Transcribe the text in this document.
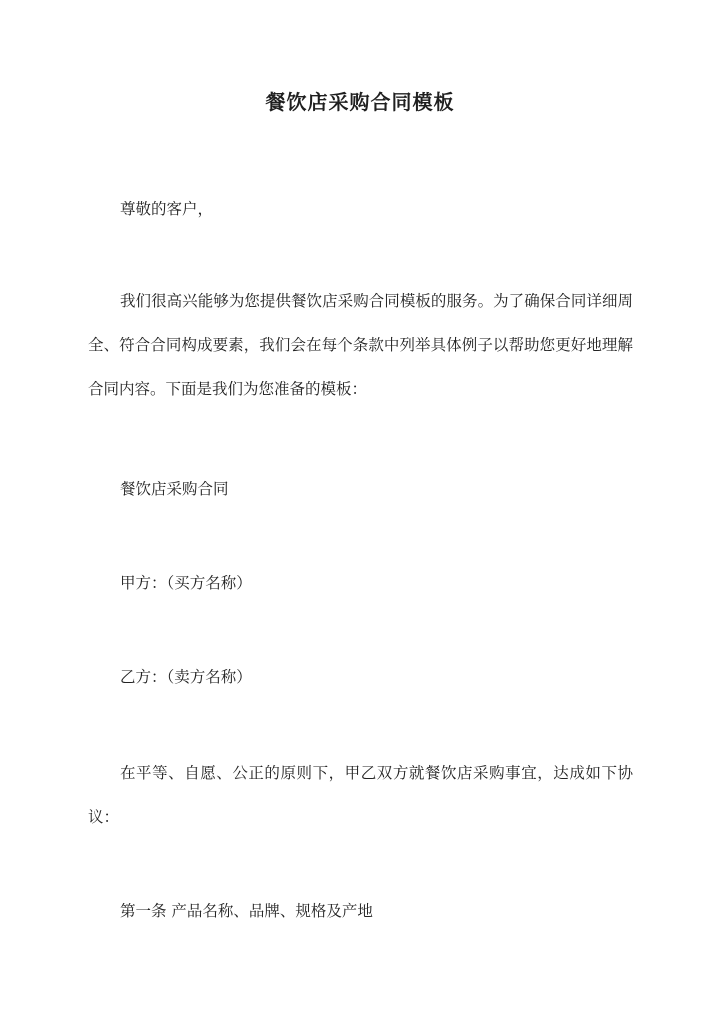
餐饮店采购合同模板
尊敬的客户，
我们很高兴能够为您提供餐饮店采购合同模板的服务。为了确保合同详细周全、符合合同构成要素，我们会在每个条款中列举具体例子以帮助您更好地理解合同内容。下面是我们为您准备的模板：
餐饮店采购合同
甲方：（买方名称）
乙方：（卖方名称）
在平等、自愿、公正的原则下，甲乙双方就餐饮店采购事宜，达成如下协议：
第一条 产品名称、品牌、规格及产地
